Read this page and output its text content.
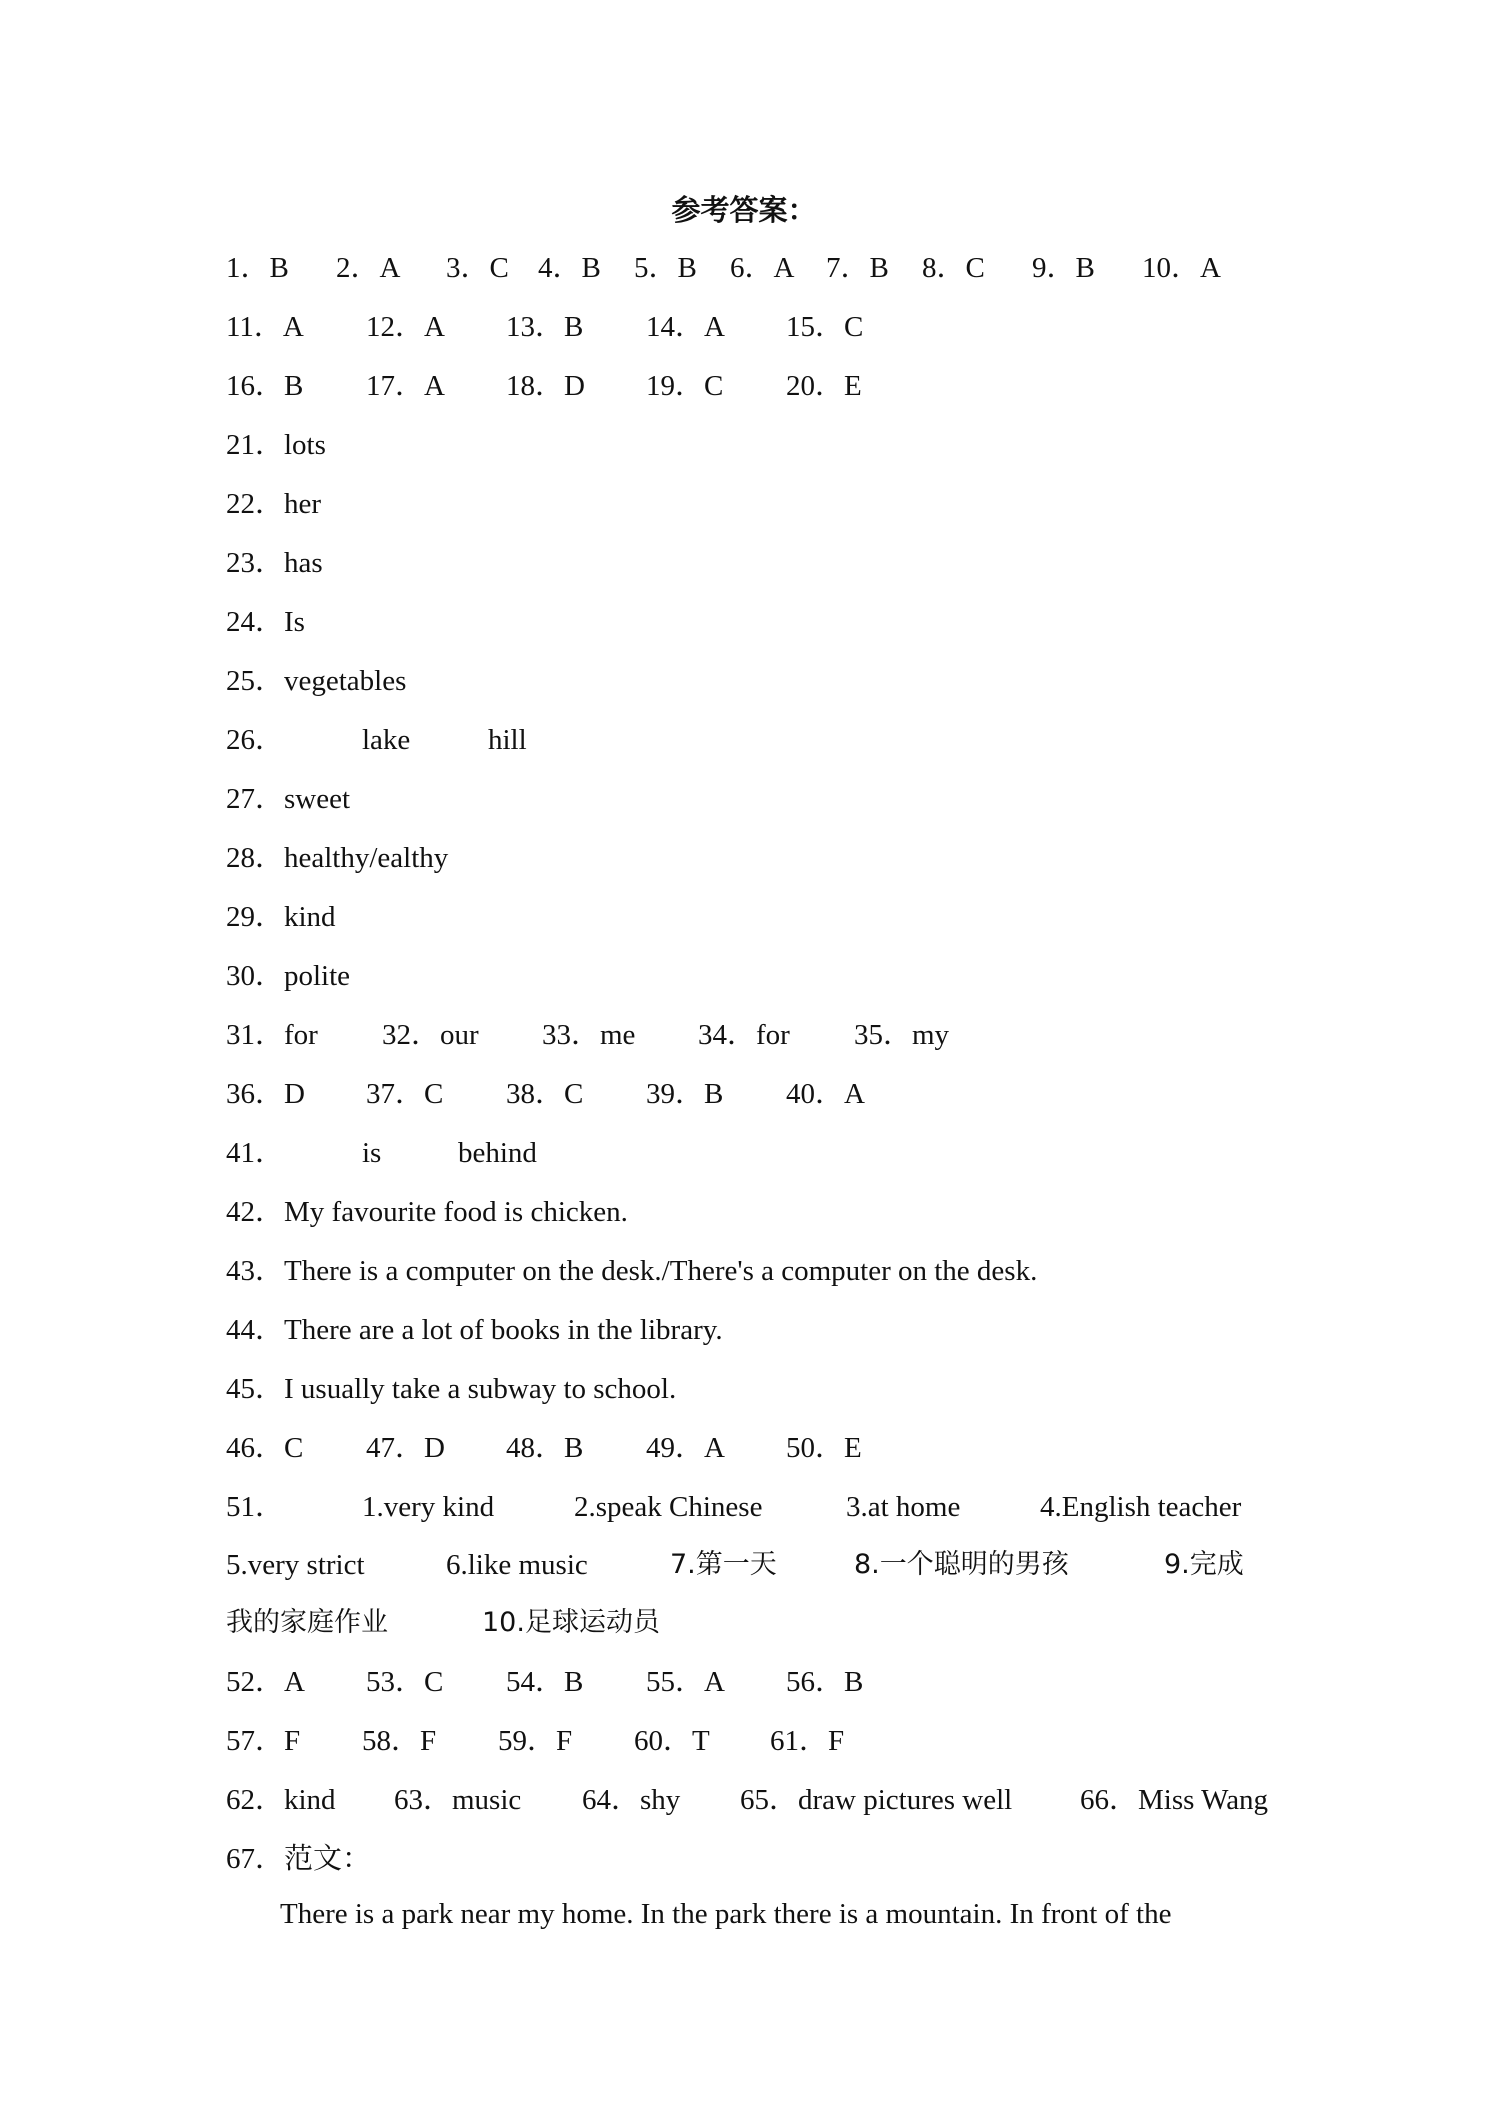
参考答案：
1．B 2．A 3．C 4．B 5．B 6．A 7．B 8．C 9．B 10．A
11．A 12．A 13．B 14．A 15．C
16．B 17．A 18．D 19．C 20．E
21．lots
22．her
23．has
24．Is
25．vegetables
26．	lake	hill
27．sweet
28．healthy/ealthy
29．kind
30．polite
31．for 32．our 33．me 34．for 35．my
36．D 37．C 38．C 39．B 40．A
41．	is	behind
42．My favourite food is chicken.
43．There is a computer on the desk./There's a computer on the desk.
44．There are a lot of books in the library.
45．I usually take a subway to school.
46．C 47．D 48．B 49．A 50．E
51．	1.very kind	2.speak Chinese	3.at home	4.English teacher
5.very strict	6.like music	7.第一天	8.一个聪明的男孩	9.完成
我的家庭作业	10.足球运动员
52．A 53．C 54．B 55．A 56．B
57．F 58．F 59．F 60．T 61．F
62．kind 63．music 64．shy 65．draw pictures well 66．Miss Wang
67．范文：
There is a park near my home. In the park there is a mountain. In front of the
